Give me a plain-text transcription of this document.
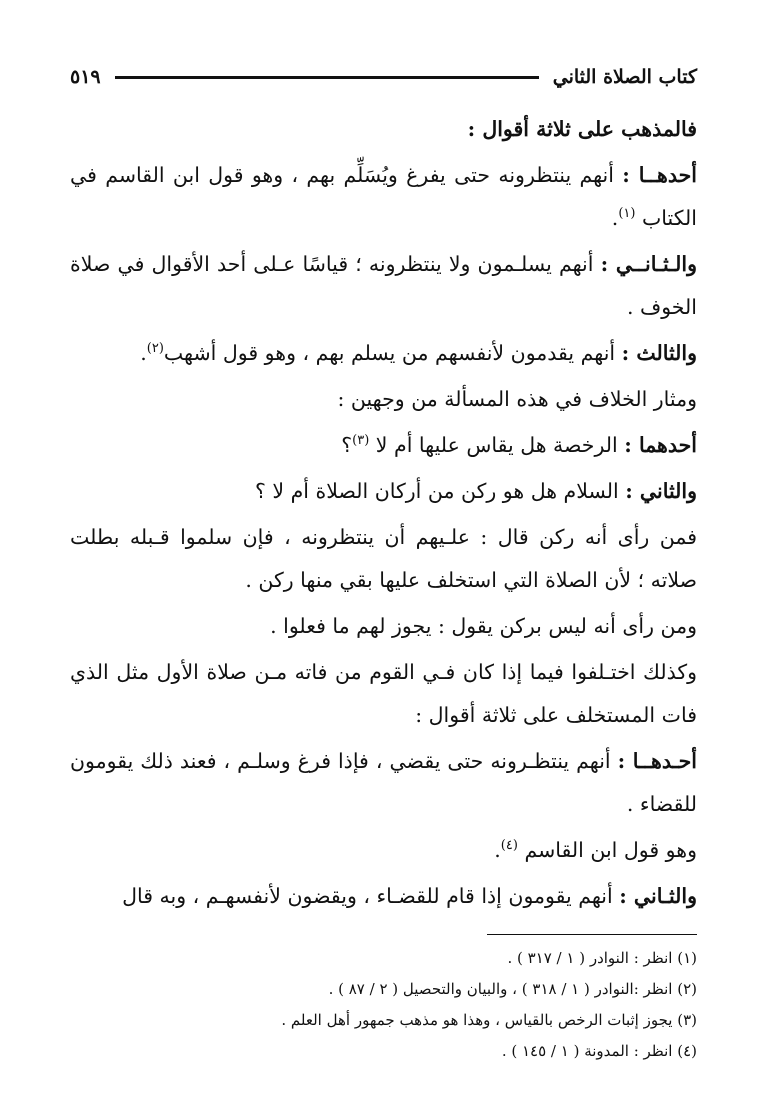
كتاب الصلاة الثاني
٥١٩

فالمذهب على ثلاثة أقوال :

أحدهــا : أنهم ينتظرونه حتى يفرغ ويُسَلِّم بهم ، وهو قول ابن القاسم في الكتاب $^{(١)}$.

والـثـانــي : أنهم يسلـمون ولا ينتظرونه ؛ قياسًا عـلى أحد الأقوال في صلاة الخوف .

والثالث : أنهم يقدمون لأنفسهم من يسلم بهم ، وهو قول أشهب$^{(٢)}$.

ومثار الخلاف في هذه المسألة من وجهين :

أحدهما : الرخصة هل يقاس عليها أم لا $^{(٣)}$؟

والثاني : السلام هل هو ركن من أركان الصلاة أم لا ؟

فمن رأى أنه ركن قال : علـيهم أن ينتظرونه ، فإن سلموا قـبله بطلت صلاته ؛ لأن الصلاة التي استخلف عليها بقي منها ركن .

ومن رأى أنه ليس بركن يقول : يجوز لهم ما فعلوا .

وكذلك اختـلفوا فيما إذا كان فـي القوم من فاته مـن صلاة الأول مثل الذي فات المستخلف على ثلاثة أقوال :

أحـدهــا : أنهم ينتظـرونه حتى يقضي ، فإذا فرغ وسلـم ، فعند ذلك يقومون للقضاء .

وهو قول ابن القاسم $^{(٤)}$.

والثـاني : أنهم يقومون إذا قام للقضـاء ، ويقضون لأنفسهـم ، وبه قال

(١) انظر : النوادر ( ١ / ٣١٧ ) .

(٢) انظر :النوادر ( ١ / ٣١٨ ) ، والبيان والتحصيل ( ٢ / ٨٧ ) .

(٣) يجوز إثبات الرخص بالقياس ، وهذا هو مذهب جمهور أهل العلم .

(٤) انظر : المدونة ( ١ / ١٤٥ ) .
